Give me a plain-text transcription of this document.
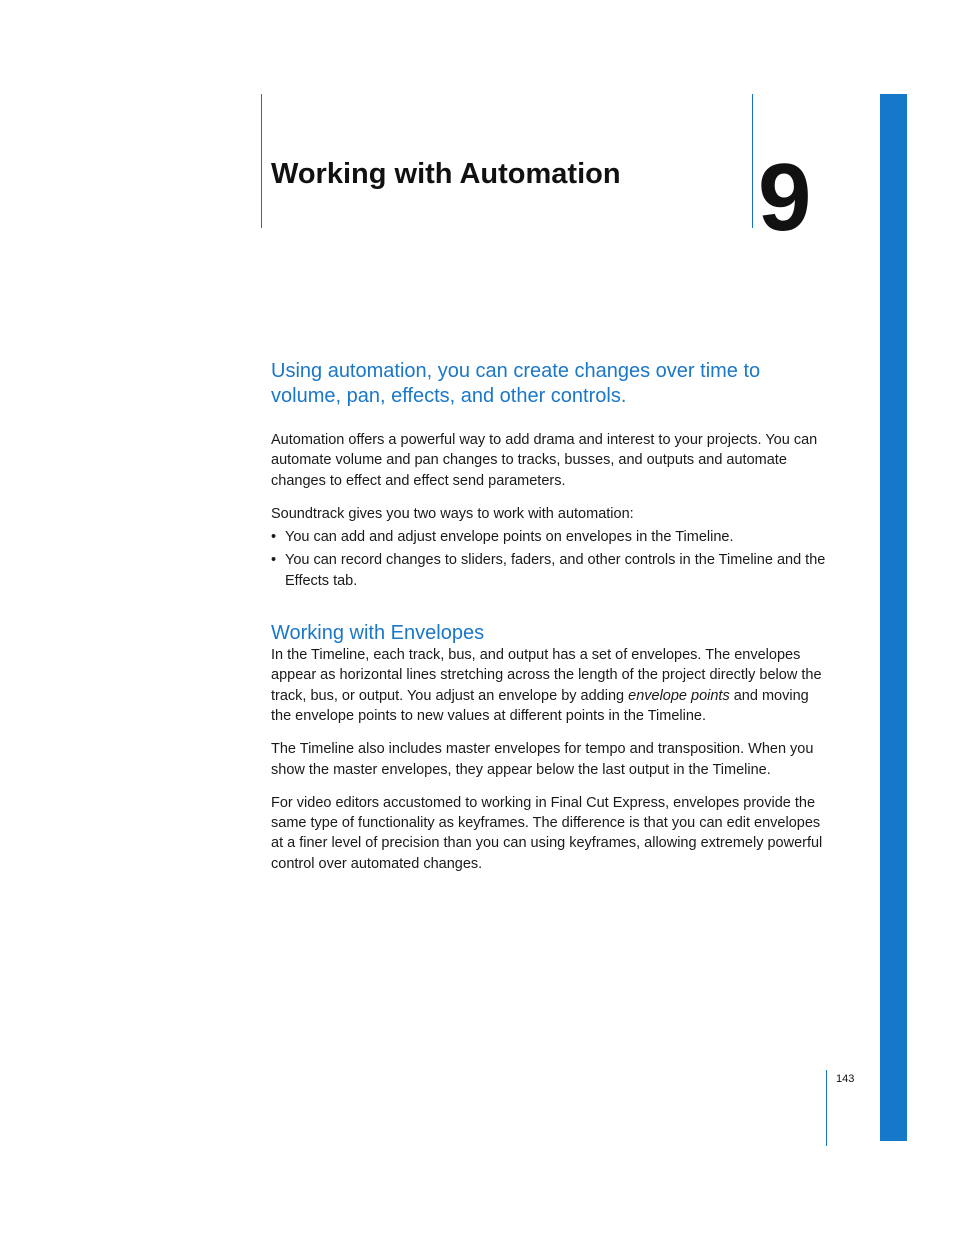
Working with Automation 9
Using automation, you can create changes over time to volume, pan, effects, and other controls.

Automation offers a powerful way to add drama and interest to your projects. You can automate volume and pan changes to tracks, busses, and outputs and automate changes to effect and effect send parameters.

Soundtrack gives you two ways to work with automation:

• You can add and adjust envelope points on envelopes in the Timeline.
• You can record changes to sliders, faders, and other controls in the Timeline and the Effects tab.
Working with Envelopes

In the Timeline, each track, bus, and output has a set of envelopes. The envelopes appear as horizontal lines stretching across the length of the project directly below the track, bus, or output. You adjust an envelope by adding envelope points and moving the envelope points to new values at different points in the Timeline.

The Timeline also includes master envelopes for tempo and transposition. When you show the master envelopes, they appear below the last output in the Timeline.

For video editors accustomed to working in Final Cut Express, envelopes provide the same type of functionality as keyframes. The difference is that you can edit envelopes at a finer level of precision than you can using keyframes, allowing extremely powerful control over automated changes.

143
